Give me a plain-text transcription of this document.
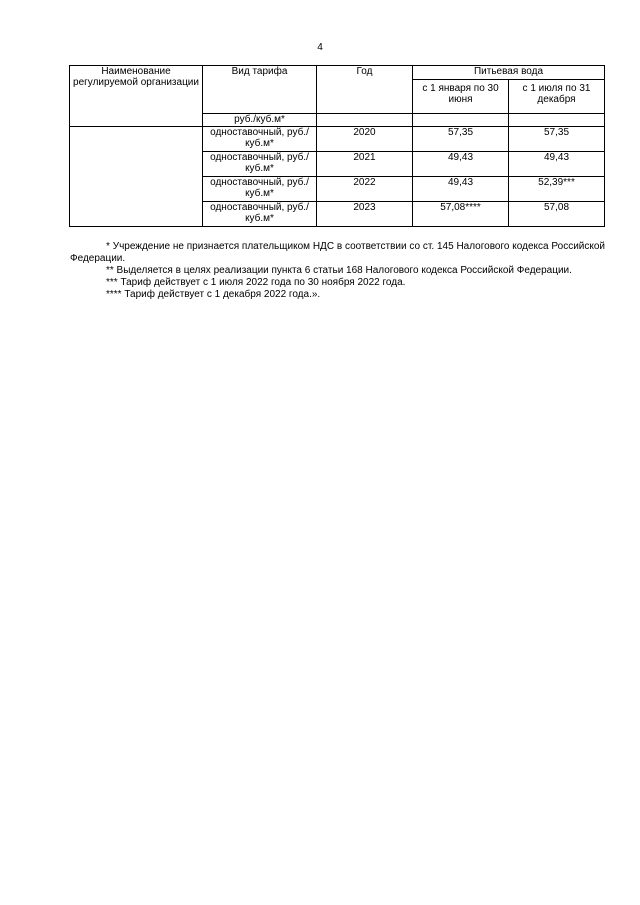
4
Наименование регулируемой организации	Вид тарифа	Год	Питьевая вода	
			с 1 января по 30 июня	с 1 июля по 31 декабря
	руб./куб.м*			
	одноставочный, руб./куб.м*	2020	57,35	57,35
	одноставочный, руб./куб.м*	2021	49,43	49,43
	одноставочный, руб./куб.м*	2022	49,43	52,39***
	одноставочный, руб./куб.м*	2023	57,08****	57,08

* Учреждение не признается плательщиком НДС в соответствии со ст. 145 Налогового кодекса Российской Федерации.

** Выделяется в целях реализации пункта 6 статьи 168 Налогового кодекса Российской Федерации.

*** Тариф действует с 1 июля 2022 года по 30 ноября 2022 года.

**** Тариф действует с 1 декабря 2022 года.».
